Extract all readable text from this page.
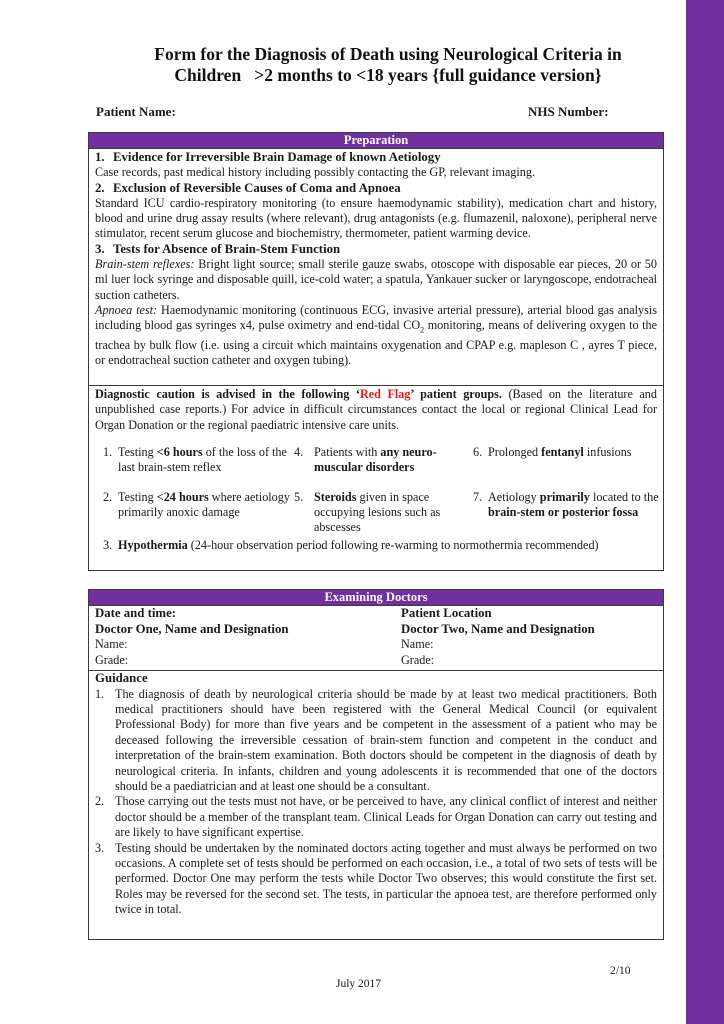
Form for the Diagnosis of Death using Neurological Criteria in
Children   >2 months to <18 years {full guidance version}
Patient Name:	NHS Number:
Preparation
1. Evidence for Irreversible Brain Damage of known Aetiology

Case records, past medical history including possibly contacting the GP, relevant imaging.

2. Exclusion of Reversible Causes of Coma and Apnoea

Standard ICU cardio-respiratory monitoring (to ensure haemodynamic stability), medication chart and history, blood and urine drug assay results (where relevant), drug antagonists (e.g. flumazenil, naloxone), peripheral nerve stimulator, recent serum glucose and biochemistry, thermometer, patient warming device.

3. Tests for Absence of Brain-Stem Function

Brain-stem reflexes: Bright light source; small sterile gauze swabs, otoscope with disposable ear pieces, 20 or 50 ml luer lock syringe and disposable quill, ice-cold water; a spatula, Yankauer sucker or laryngoscope, endotracheal suction catheters.

Apnoea test: Haemodynamic monitoring (continuous ECG, invasive arterial pressure), arterial blood gas analysis including blood gas syringes x4, pulse oximetry and end-tidal $CO_2$ monitoring, means of delivering oxygen to the trachea by bulk flow (i.e. using a circuit which maintains oxygenation and CPAP e.g. mapleson C , ayres T piece, or endotracheal suction catheter and oxygen tubing).

Diagnostic caution is advised in the following ‘Red Flag’ patient groups. (Based on the literature and unpublished case reports.) For advice in difficult circumstances contact the local or regional Clinical Lead for Organ Donation or the regional paediatric intensive care units.
1. Testing <6 hours of the loss of the last brain-stem reflex
2. Testing <24 hours where aetiology primarily anoxic damage
3. Hypothermia (24-hour observation period following re-warming to normothermia recommended)
4. Patients with any neuro-muscular disorders
5. Steroids given in space occupying lesions such as abscesses
6. Prolonged fentanyl infusions
7. Aetiology primarily located to the brain-stem or posterior fossa
Examining Doctors
Date and time:	Patient Location
Doctor One, Name and Designation	Doctor Two, Name and Designation
Name:	Name:
Grade:	Grade:
Guidance
1. The diagnosis of death by neurological criteria should be made by at least two medical practitioners. Both medical practitioners should have been registered with the General Medical Council (or equivalent Professional Body) for more than five years and be competent in the assessment of a patient who may be deceased following the irreversible cessation of brain-stem function and competent in the conduct and interpretation of the brain-stem examination. Both doctors should be competent in the diagnosis of death by neurological criteria. In infants, children and young adolescents it is recommended that one of the doctors should be a paediatrician and at least one should be a consultant.
2. Those carrying out the tests must not have, or be perceived to have, any clinical conflict of interest and neither doctor should be a member of the transplant team. Clinical Leads for Organ Donation can carry out testing and are likely to have significant expertise.
3. Testing should be undertaken by the nominated doctors acting together and must always be performed on two occasions. A complete set of tests should be performed on each occasion, i.e., a total of two sets of tests will be performed. Doctor One may perform the tests while Doctor Two observes; this would constitute the first set. Roles may be reversed for the second set. The tests, in particular the apnoea test, are therefore performed only twice in total.
2/10
July 2017
